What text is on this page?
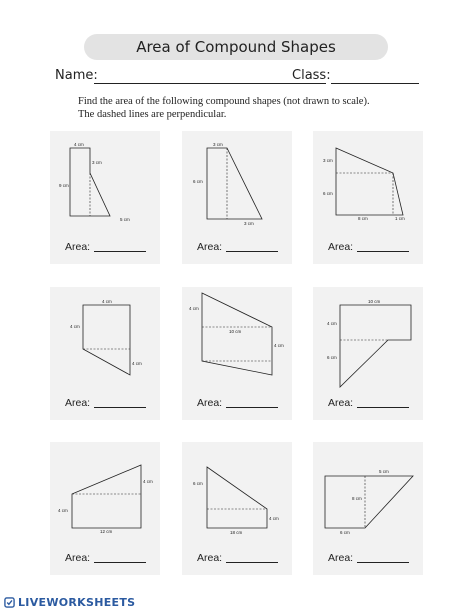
Area of Compound Shapes
Name:	Class:
Find the area of the following compound shapes (not drawn to scale).
The dashed lines are perpendicular.
4 cm
3 cm
9 cm
5 cm
Area:
3 cm
6 cm
3 cm
Area:
3 cm
6 cm
8 cm	1 cm
Area:
4 cm
4 cm
4 cm
Area:
4 cm
10 cm
4 cm
Area:
10 cm
4 cm
6 cm
Area:
4 cm
4 cm
12 cm
Area:
6 cm
4 cm
18 cm
Area:
5 cm
8 cm
6 cm
Area:
LIVEWORKSHEETS
